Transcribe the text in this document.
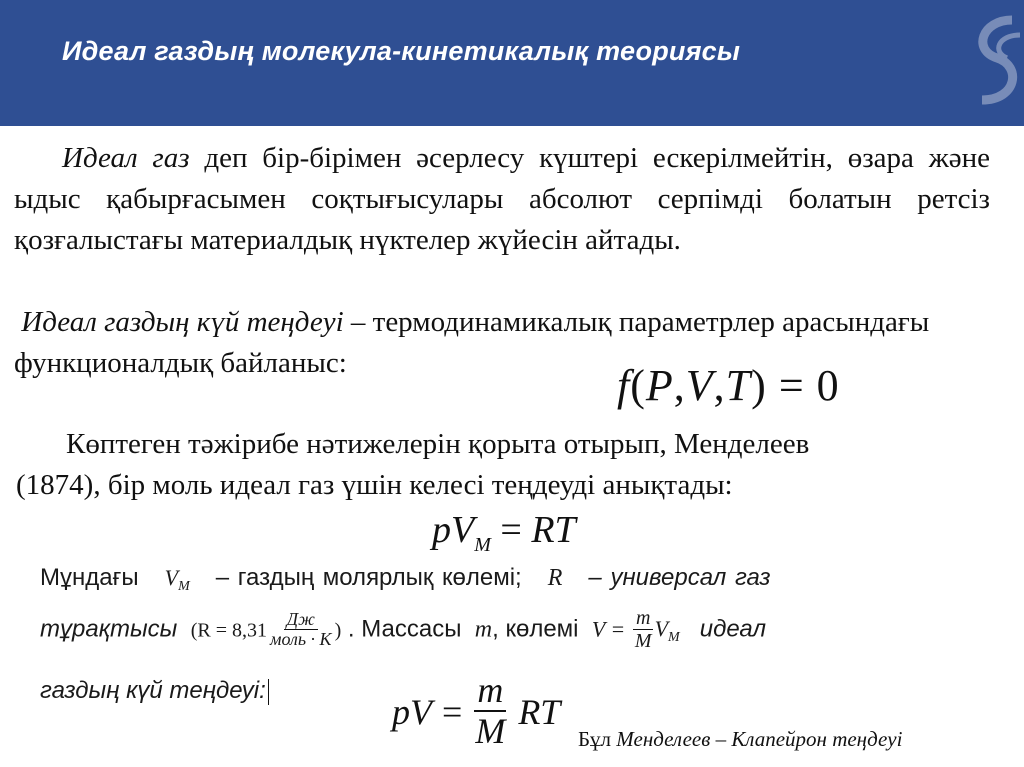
Идеал газдың молекула-кинетикалық теориясы
Идеал газ деп бір-бірімен әсерлесу күштері ескерілмейтін, өзара және ыдыс қабырғасымен соқтығысулары абсолют серпімді болатын ретсіз қозғалыстағы материалдық нүктелер жүйесін айтады.
Идеал газдың күй теңдеуі – термодинамикалық параметрлер арасындағы функционалдық байланыс:	f(P,V,T) = 0
Көптеген тәжірибе нәтижелерін қорыта отырып, Менделеев
(1874), бір моль идеал газ үшін келесі теңдеуді анықтады:
$pV_M$ = RT
Мұндағы $V_M$ – газдың молярлық көлемі; R – универсал газ
тұрақтысы ($R = 8,31 \frac{Дж}{\text{моль · K}}$ ) . Массасы m, көлемі $V = \frac{m}{M} V_M$ идеал
газдың күй теңдеуі:
pV = $\frac{m}{M}$ RT
Бұл Менделеев – Клапейрон теңдеуі
